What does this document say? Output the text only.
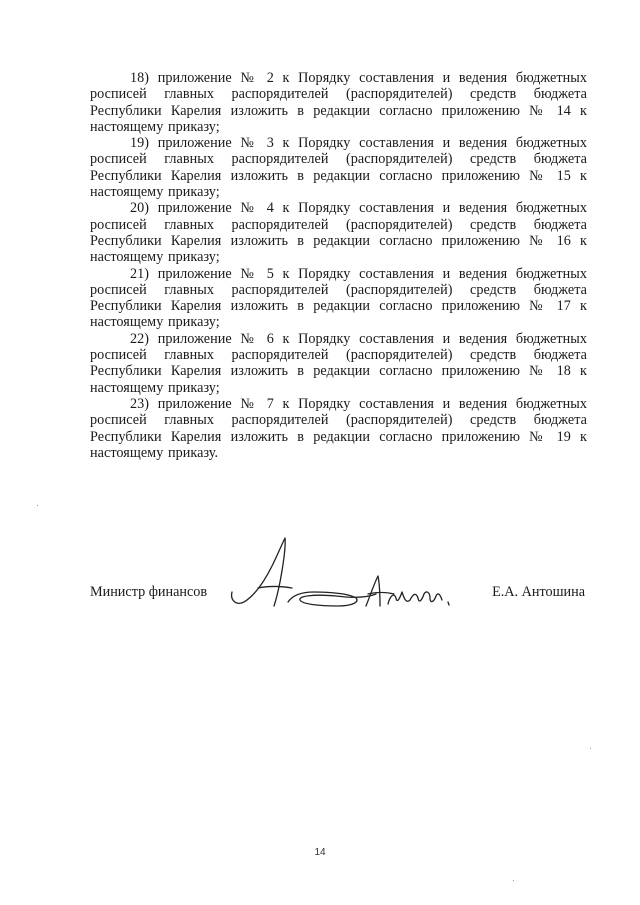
18) приложение № 2 к Порядку составления и ведения бюджетных росписей главных распорядителей (распорядителей) средств бюджета Республики Карелия изложить в редакции согласно приложению № 14 к настоящему приказу;

19) приложение № 3 к Порядку составления и ведения бюджетных росписей главных распорядителей (распорядителей) средств бюджета Республики Карелия изложить в редакции согласно приложению № 15 к настоящему приказу;

20) приложение № 4 к Порядку составления и ведения бюджетных росписей главных распорядителей (распорядителей) средств бюджета Республики Карелия изложить в редакции согласно приложению № 16 к настоящему приказу;

21) приложение № 5 к Порядку составления и ведения бюджетных росписей главных распорядителей (распорядителей) средств бюджета Республики Карелия изложить в редакции согласно приложению № 17 к настоящему приказу;

22) приложение № 6 к Порядку составления и ведения бюджетных росписей главных распорядителей (распорядителей) средств бюджета Республики Карелия изложить в редакции согласно приложению № 18 к настоящему приказу;

23) приложение № 7 к Порядку составления и ведения бюджетных росписей главных распорядителей (распорядителей) средств бюджета Республики Карелия изложить в редакции согласно приложению № 19 к настоящему приказу.

Министр финансов	Е.А. Антошина
14
